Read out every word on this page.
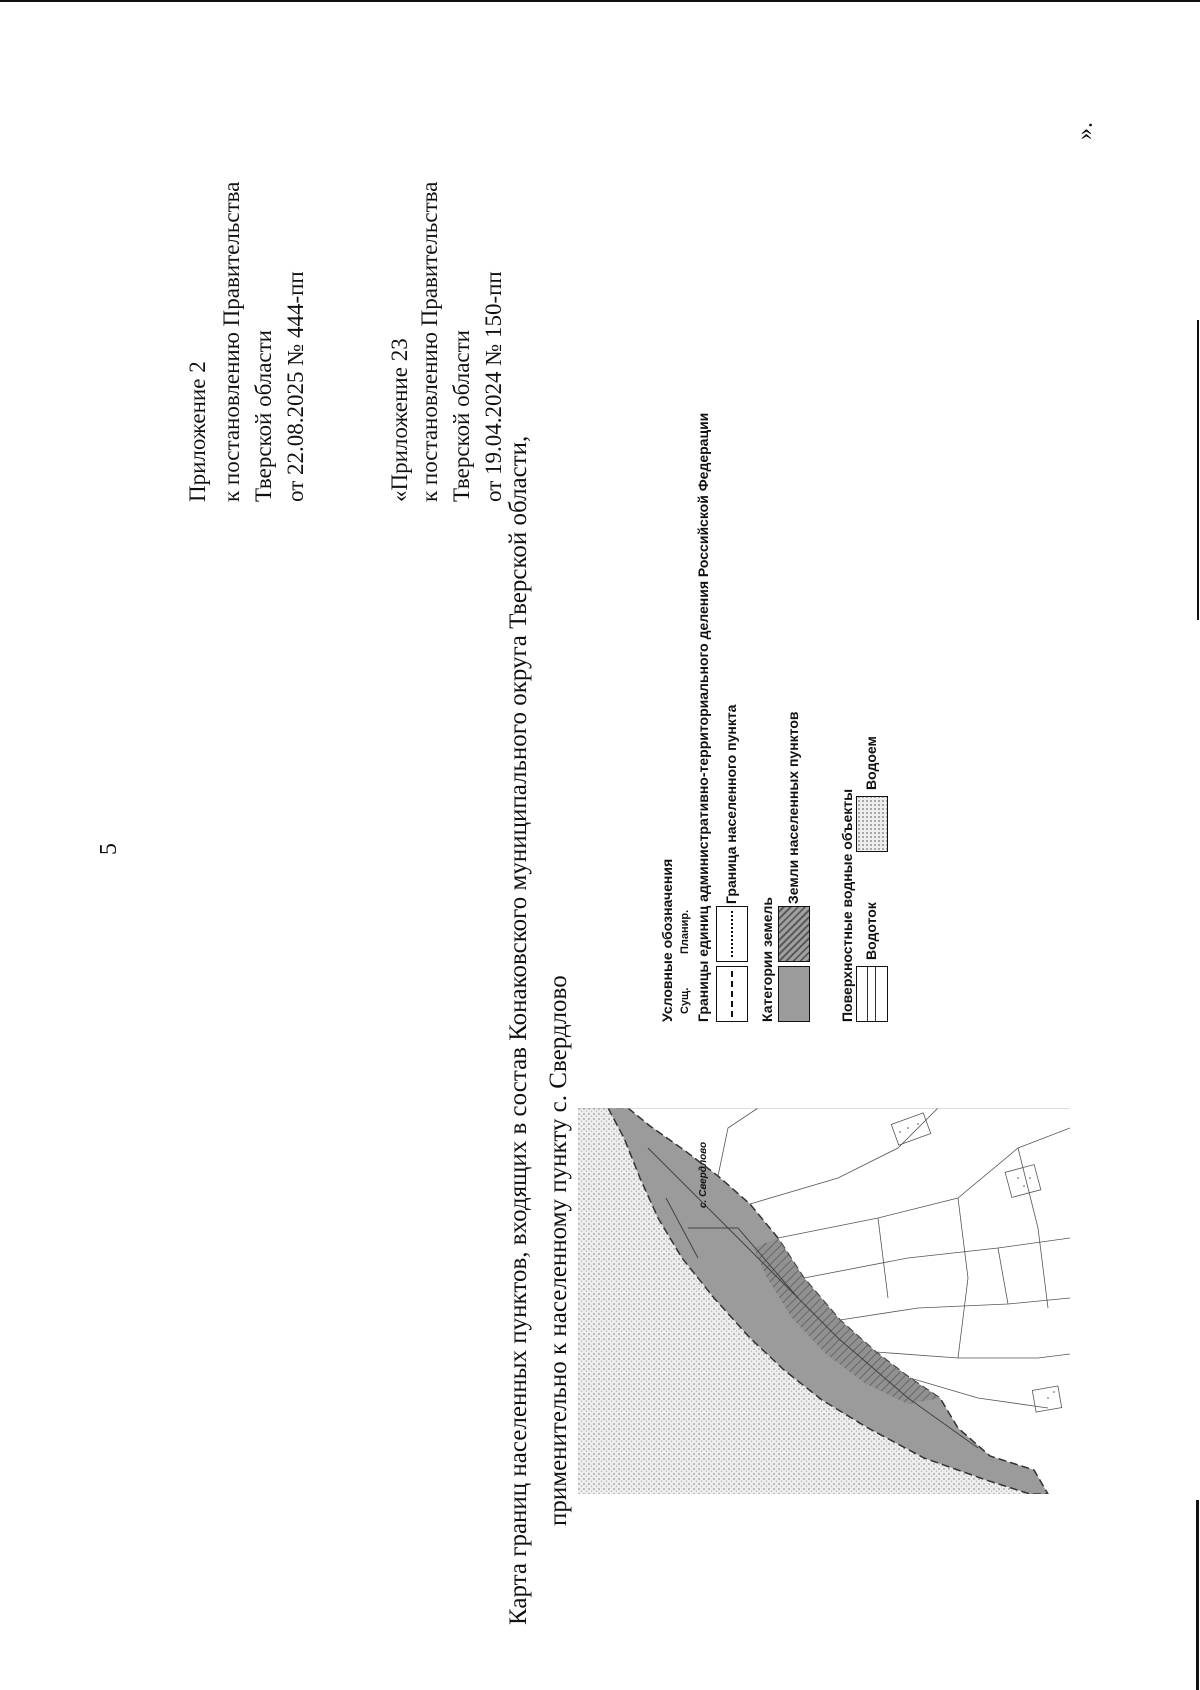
5
Приложение 2 к постановлению Правительства Тверской области от 22.08.2025 № 444-пп	«Приложение 23 к постановлению Правительства Тверской области от 19.04.2024 № 150-пп
».
Карта границ населенных пунктов, входящих в состав Конаковского муниципального округа Тверской области, применительно к населенному пункту с. Свердлово	с. Свердлово
Условные обозначения Сущ.
Планир. Границы единиц административно-территориального деления Российской Федерации Граница населенного пункта
Категории земель
Земли населенных пунктов	Поверхностные водные объекты Водоток
Водоем
